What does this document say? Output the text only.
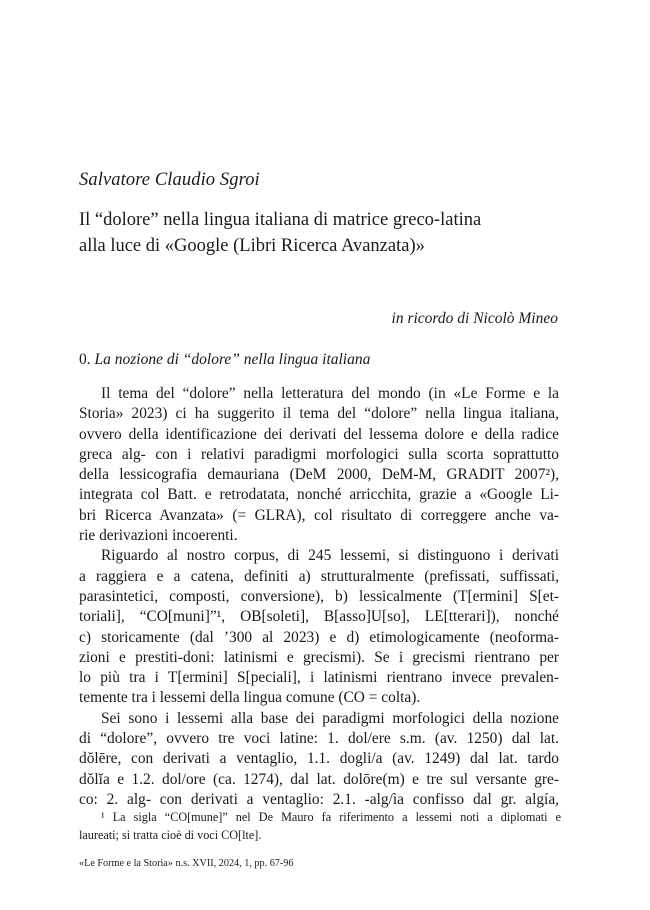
Salvatore Claudio Sgroi
Il “dolore” nella lingua italiana di matrice greco-latina
alla luce di «Google (Libri Ricerca Avanzata)»
in ricordo di Nicolò Mineo
0. La nozione di “dolore” nella lingua italiana
Il tema del “dolore” nella letteratura del mondo (in «Le Forme e la
Storia» 2023) ci ha suggerito il tema del “dolore” nella lingua italiana,
ovvero della identificazione dei derivati del lessema dolore e della radice
greca alg- con i relativi paradigmi morfologici sulla scorta soprattutto
della lessicografia demauriana (DeM 2000, DeM-M, GRADIT 2007²),
integrata col Batt. e retrodatata, nonché arricchita, grazie a «Google Li-
bri Ricerca Avanzata» (= GLRA), col risultato di correggere anche va-
rie derivazioni incoerenti.
Riguardo al nostro corpus, di 245 lessemi, si distinguono i derivati
a raggiera e a catena, definiti a) strutturalmente (prefissati, suffissati,
parasintetici, composti, conversione), b) lessicalmente (T[ermini] S[et-
toriali], “CO[muni]”¹, OB[soleti], B[asso]U[so], LE[tterari]), nonché
c) storicamente (dal ’300 al 2023) e d) etimologicamente (neoforma-
zioni e prestiti-doni: latinismi e grecismi). Se i grecismi rientrano per
lo più tra i T[ermini] S[peciali], i latinismi rientrano invece prevalen-
temente tra i lessemi della lingua comune (CO = colta).
Sei sono i lessemi alla base dei paradigmi morfologici della nozione
di “dolore”, ovvero tre voci latine: 1. dol/ere s.m. (av. 1250) dal lat.
dŏlēre, con derivati a ventaglio, 1.1. dogli/a (av. 1249) dal lat. tardo
dŏlĭa e 1.2. dol/ore (ca. 1274), dal lat. dolōre(m) e tre sul versante gre-
co: 2. alg- con derivati a ventaglio: 2.1. -alg/ìa confisso dal gr. algía,
¹ La sigla “CO[mune]” nel De Mauro fa riferimento a lessemi noti a diplomati e
laureati; si tratta cioè di voci CO[lte].
«Le Forme e la Storia» n.s. XVII, 2024, 1, pp. 67-96
